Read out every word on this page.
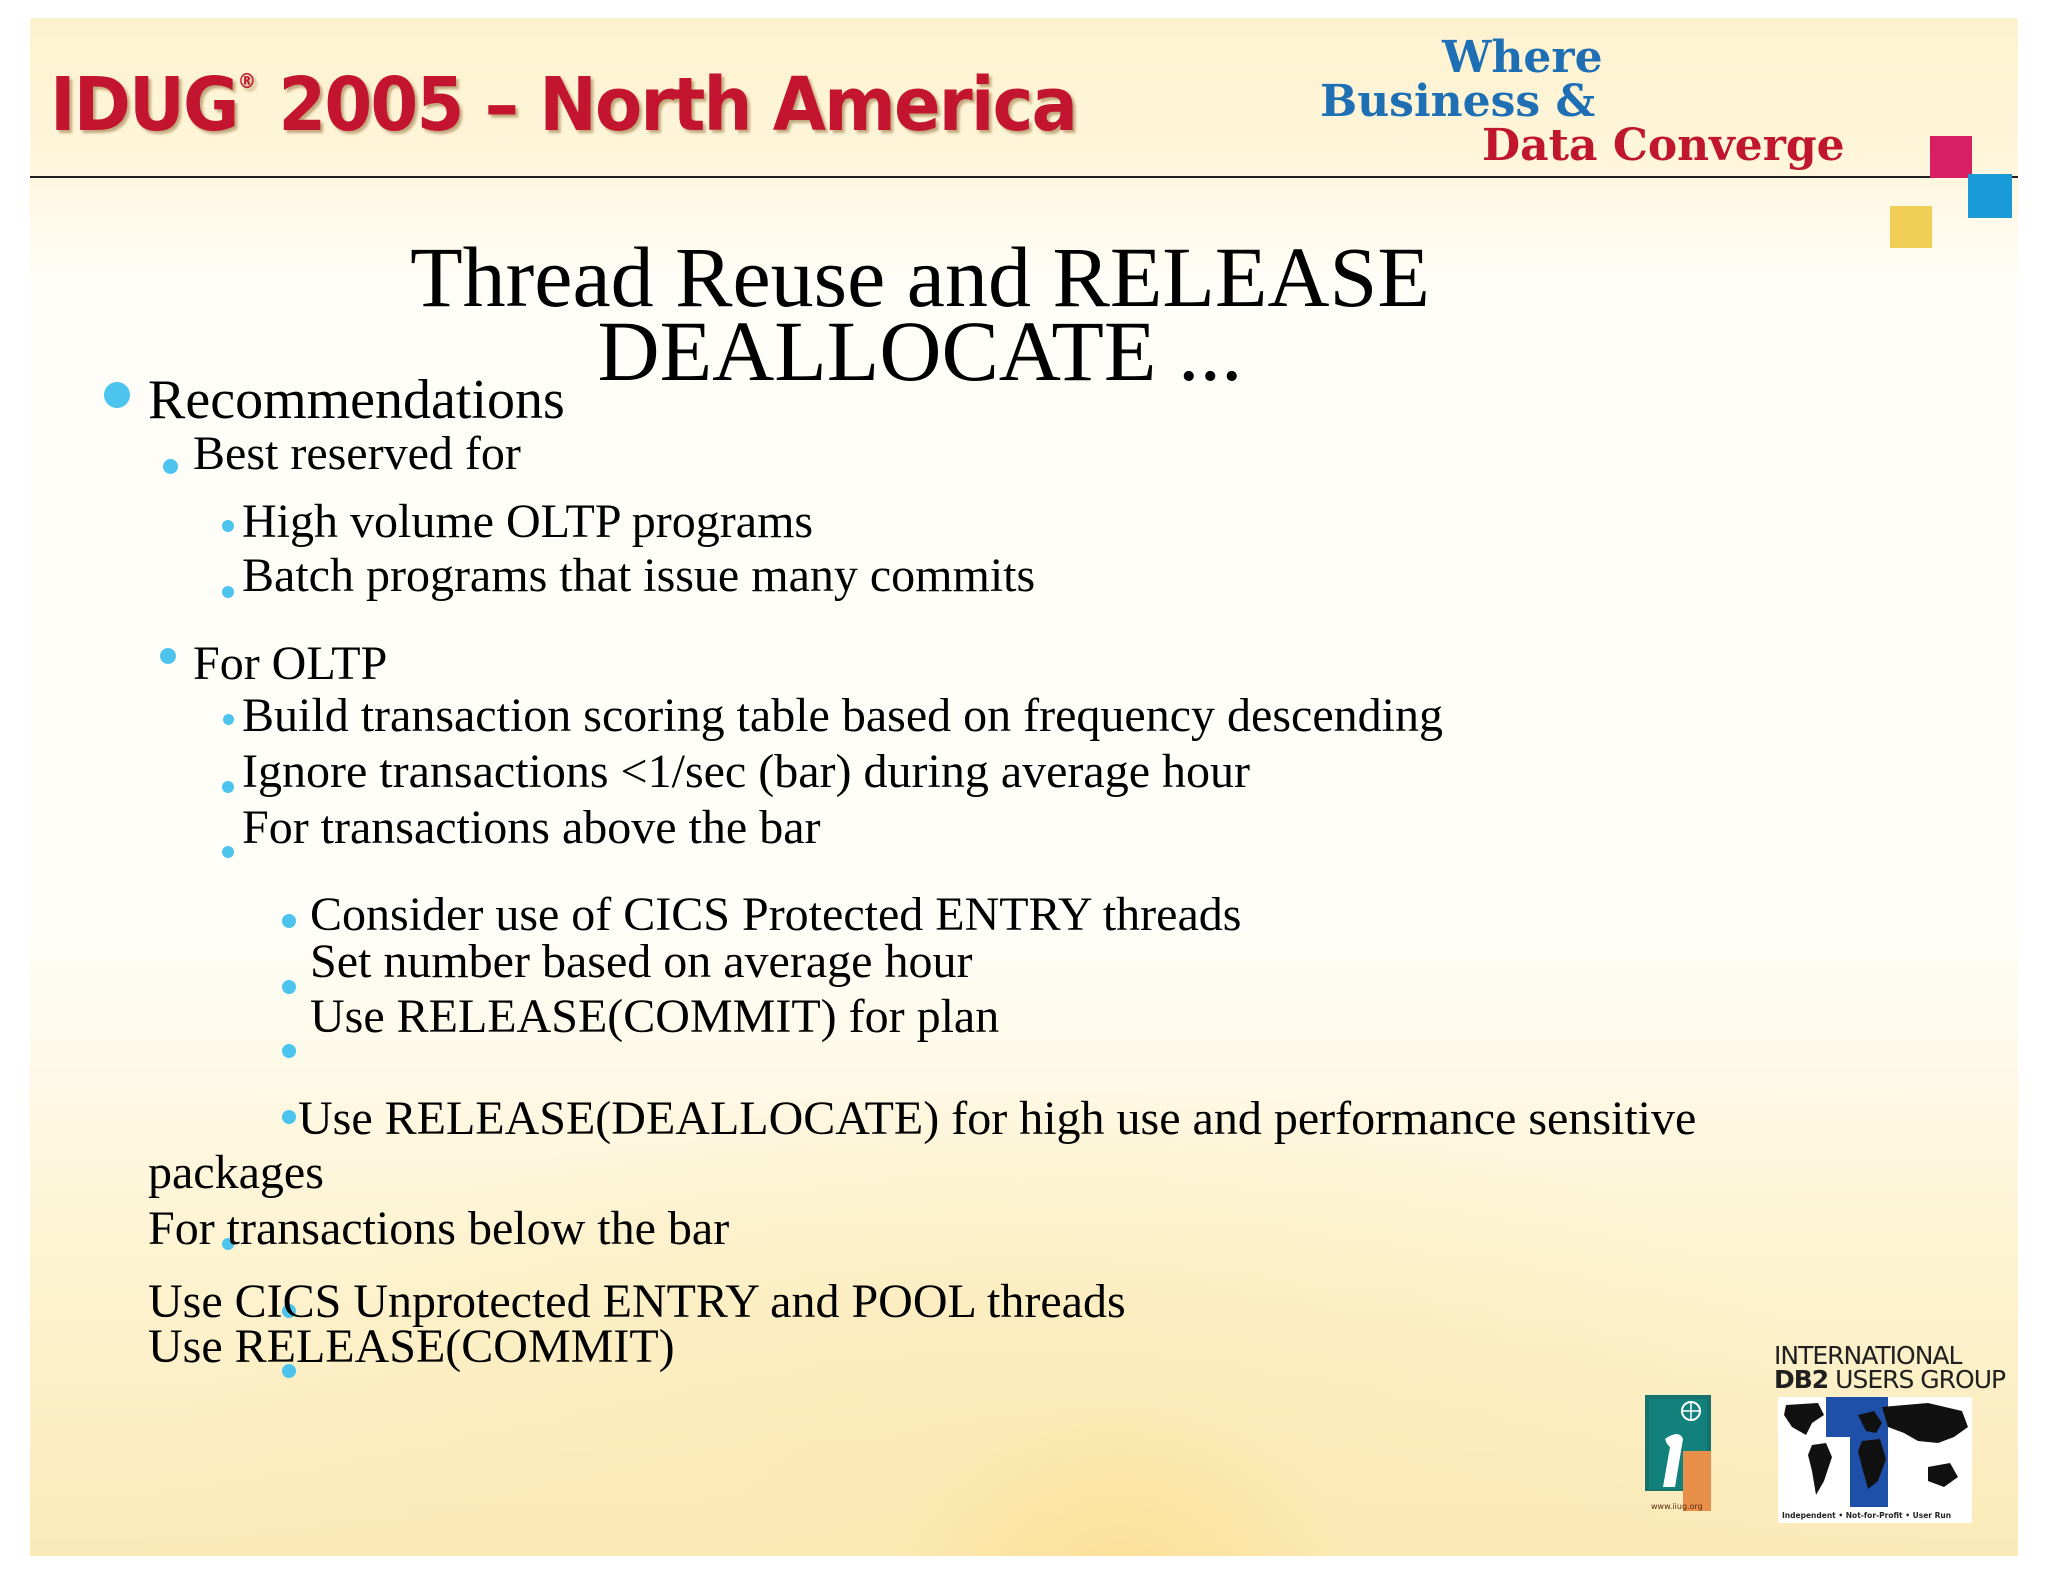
IDUG® 2005 – North America
Where
Business &
Data Converge
Thread Reuse and RELEASE
DEALLOCATE ...
Recommendations
Best reserved for
High volume OLTP programs
Batch programs that issue many commits
For OLTP
Build transaction scoring table based on frequency descending
Ignore transactions <1/sec (bar) during average hour
For transactions above the bar
Consider use of CICS Protected ENTRY threads
Set number based on average hour
Use RELEASE(COMMIT) for plan
Use RELEASE(DEALLOCATE) for high use and performance sensitive
packages
For transactions below the bar
Use CICS Unprotected ENTRY and POOL threads
Use RELEASE(COMMIT)
www.iiug.org
INTERNATIONAL
DB2 USERS GROUP
Independent • Not-for-Profit • User Run
